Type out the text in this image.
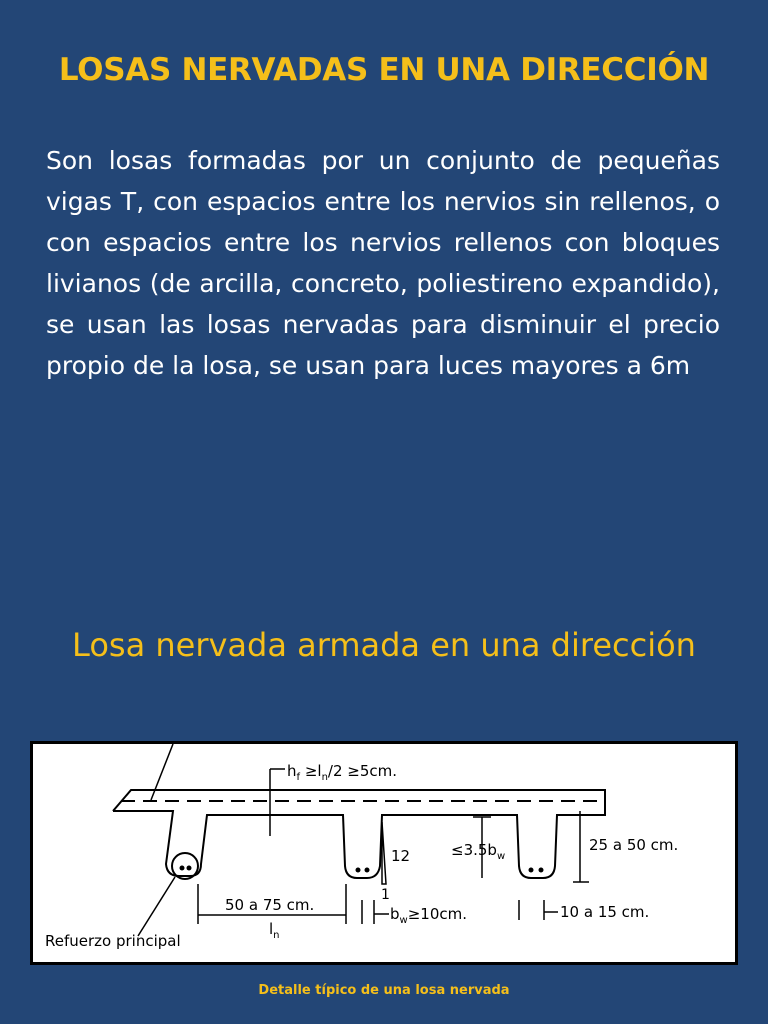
LOSAS NERVADAS EN UNA DIRECCIÓN
Son losas formadas por un conjunto de pequeñas vigas T, con espacios entre los nervios sin rellenos, o con espacios entre los nervios rellenos con bloques livianos (de arcilla, concreto, poliestireno expandido), se usan las losas nervadas para disminuir el precio propio de la losa, se usan para luces mayores a 6m
Losa nervada armada en una dirección
$h_f \ge l_n/2 \ge 5cm$.
$\le 3.5b_w$
12
1
25 a 50 cm.
50 a 75 cm.
$l_n$
$b_w\ge 10cm$.	10 a 15 cm.
Refuerzo principal
Detalle típico de una losa nervada
